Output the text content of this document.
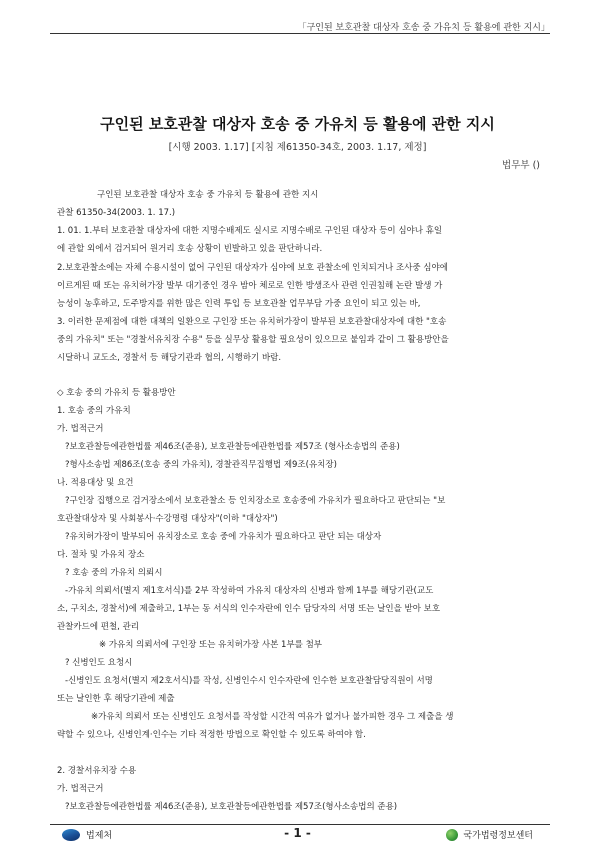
「구인된 보호관찰 대상자 호송 중 가유치 등 활용에 관한 지시」
구인된 보호관찰 대상자 호송 중 가유치 등 활용에 관한 지시
[시행 2003. 1.17] [지침 제61350-34호, 2003. 1.17, 제정]
법무부 ()
구인된 보호관찰 대상자 호송 중 가유치 등 활용에 관한 지시
관찰 61350-34(2003. 1. 17.)
1. 01. 1.부터 보호관찰 대상자에 대한 지명수배제도 실시로 지명수배로 구인된 대상자 등이 심야나 휴일
에 관할 외에서 검거되어 원거리 호송 상황이 빈발하고 있을 판단하니라.
2.보호관찰소에는 자체 수용시설이 없어 구인된 대상자가 심야에 보호 관찰소에 인치되거나 조사중 심야에
이르게된 때 또는 유치허가장 발부 대기중인 경우 밤아 체로로 인한 방생조사 관련 인권침해 논란 발생 가
능성이 농후하고, 도주방지를 위한 많은 인력 투입 등 보호관찰 업무부담 가중 요인이 되고 있는 바,
3. 이러한 문제점에 대한 대책의 일환으로 구인장 또는 유치허가장이 발부된 보호관찰대상자에 대한 "호송
중의 가유치" 또는 "경찰서유치장 수용" 등을 실무상 활용할 필요성이 있으므로 붙임과 같이 그 활용방안을
시달하니 교도소, 경찰서 등 해당기관과 협의, 시행하기 바람.
◇ 호송 중의 가유치 등 활용방안
1. 호송 중의 가유치
가. 법적근거
?보호관찰등에관한법률 제46조(준용), 보호관찰등에관한법률 제57조 (형사소송법의 준용)
?형사소송법 제86조(호송 중의 가유치), 경찰관직무집행법 제9조(유치장)
나. 적용대상 및 요건
?구인장 집행으로 검거장소에서 보호관찰소 등 인치장소로 호송중에 가유치가 필요하다고 판단되는 "보
호관찰대상자 및 사회봉사·수강명령 대상자"(이하 "대상자")
?유치허가장이 발부되어 유치장소로 호송 중에 가유치가 필요하다고 판단 되는 대상자
다. 절차 및 가유치 장소
? 호송 중의 가유치 의뢰시
-가유치 의뢰서(별지 제1호서식)를 2부 작성하여 가유치 대상자의 신병과 함께 1부를 해당기관(교도
소, 구치소, 경찰서)에 제출하고, 1부는 동 서식의 인수자란에 인수 담당자의 서명 또는 날인을 받아 보호
관찰카드에 편철, 관리
※ 가유치 의뢰서에 구인장 또는 유치허가장 사본 1부를 첨부
? 신병인도 요청시
-신병인도 요청서(별지 제2호서식)를 작성, 신병인수시 인수자란에 인수한 보호관찰담당직원이 서명
또는 날인한 후 해당기관에 제출
※가유치 의뢰서 또는 신병인도 요청서를 작성할 시간적 여유가 없거나 불가피한 경우 그 제출을 생
략할 수 있으나, 신병인계·인수는 기타 적정한 방법으로 확인할 수 있도록 하여야 함.
2. 경찰서유치장 수용
가. 법적근거
?보호관찰등에관한법률 제46조(준용), 보호관찰등에관한법률 제57조(형사소송법의 준용)
법제처	- 1 -	국가법령정보센터
